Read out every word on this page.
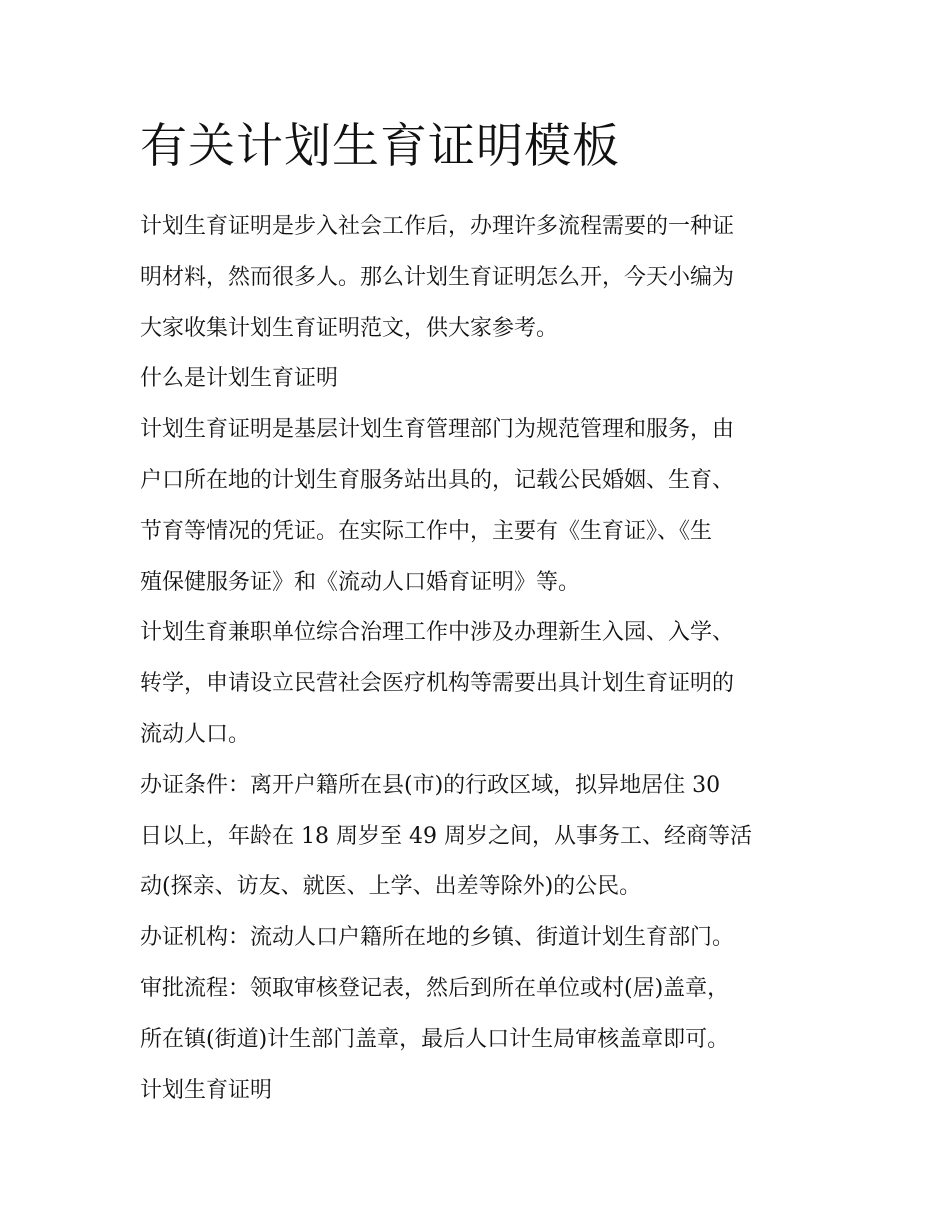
有关计划生育证明模板

计划生育证明是步入社会工作后，办理许多流程需要的一种证
明材料，然而很多人。那么计划生育证明怎么开，今天小编为
大家收集计划生育证明范文，供大家参考。

什么是计划生育证明

计划生育证明是基层计划生育管理部门为规范管理和服务，由
户口所在地的计划生育服务站出具的，记载公民婚姻、生育、
节育等情况的凭证。在实际工作中，主要有《生育证》、《生
殖保健服务证》和《流动人口婚育证明》等。

计划生育兼职单位综合治理工作中涉及办理新生入园、入学、
转学，申请设立民营社会医疗机构等需要出具计划生育证明的
流动人口。

办证条件：离开户籍所在县(市)的行政区域，拟异地居住 30
日以上，年龄在 18 周岁至 49 周岁之间，从事务工、经商等活
动(探亲、访友、就医、上学、出差等除外)的公民。

办证机构：流动人口户籍所在地的乡镇、街道计划生育部门。

审批流程：领取审核登记表，然后到所在单位或村(居)盖章，
所在镇(街道)计生部门盖章，最后人口计生局审核盖章即可。

计划生育证明
